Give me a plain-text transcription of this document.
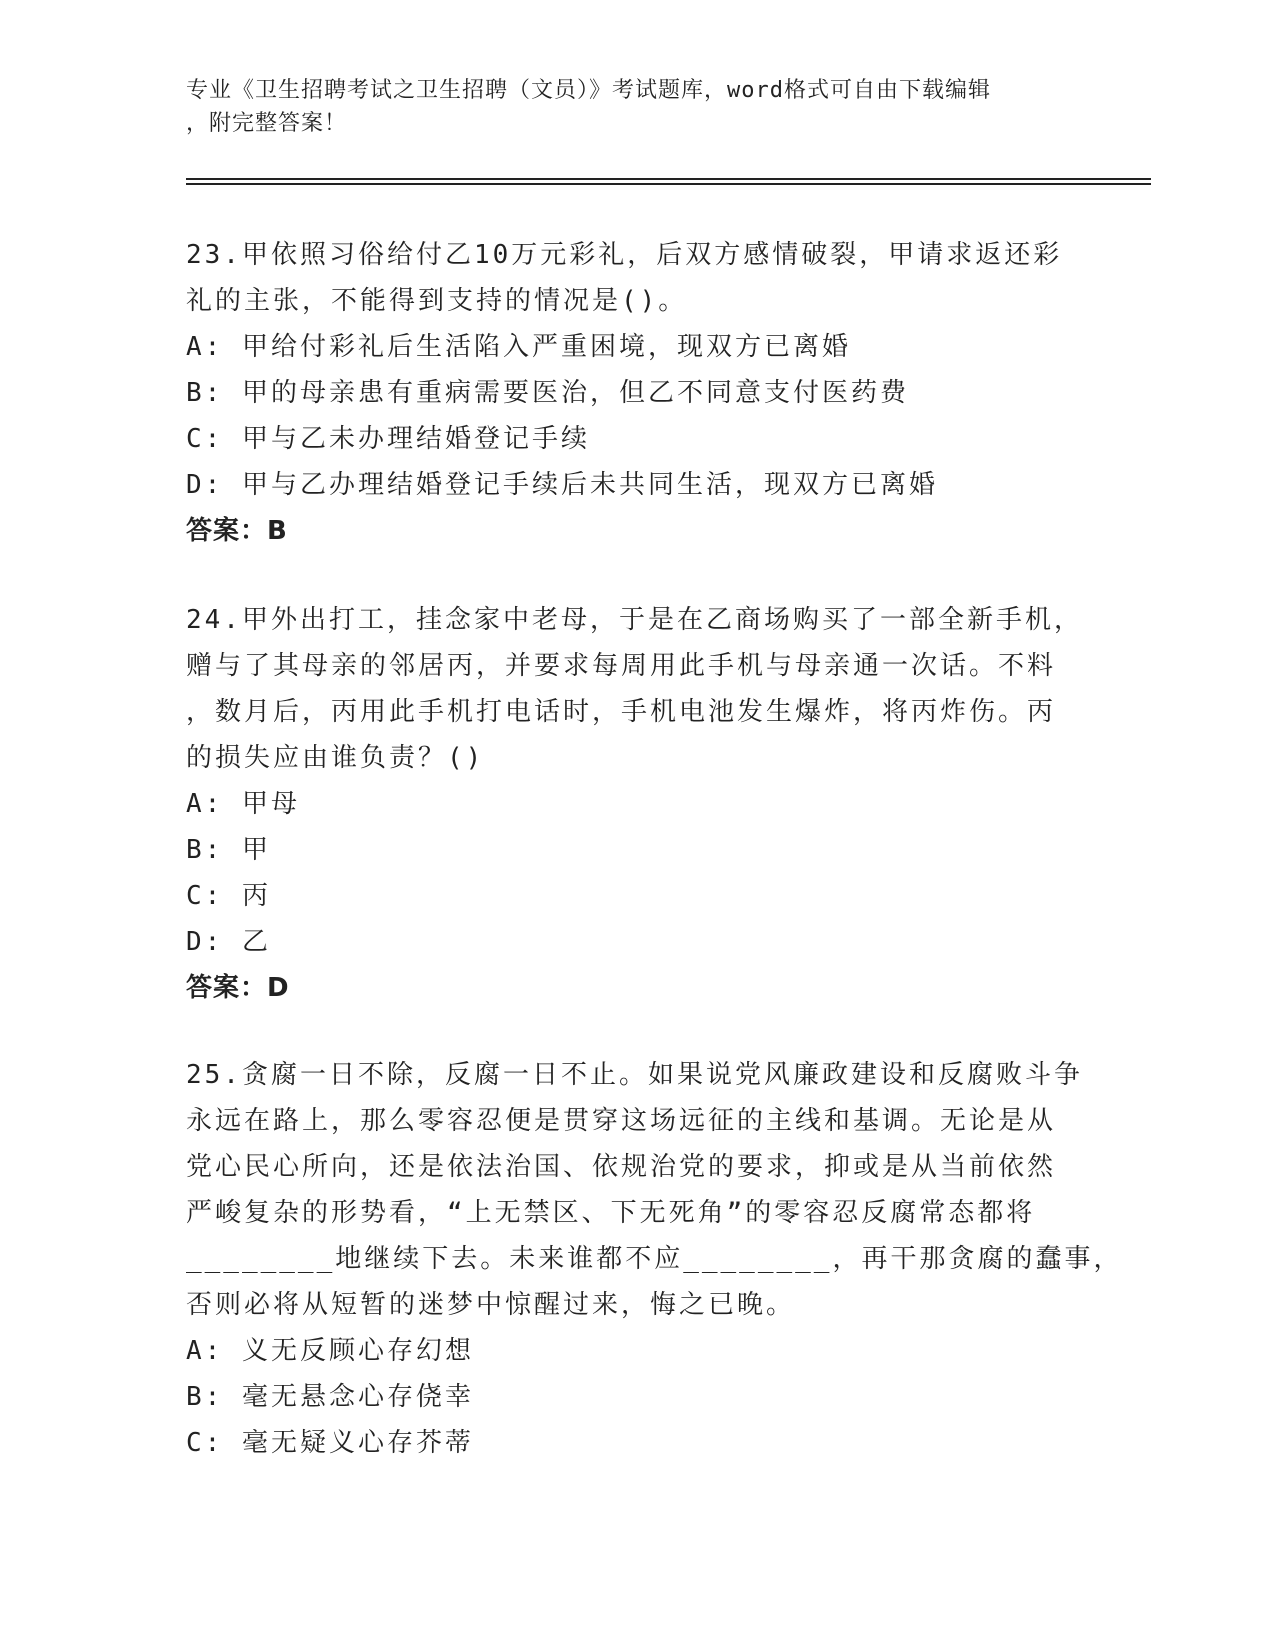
专业《卫生招聘考试之卫生招聘（文员）》考试题库，word格式可自由下载编辑
，附完整答案！
23.甲依照习俗给付乙10万元彩礼，后双方感情破裂，甲请求返还彩
礼的主张，不能得到支持的情况是()。
A: 甲给付彩礼后生活陷入严重困境，现双方已离婚
B: 甲的母亲患有重病需要医治，但乙不同意支付医药费
C: 甲与乙未办理结婚登记手续
D: 甲与乙办理结婚登记手续后未共同生活，现双方已离婚
答案：B
24.甲外出打工，挂念家中老母，于是在乙商场购买了一部全新手机，
赠与了其母亲的邻居丙，并要求每周用此手机与母亲通一次话。不料
，数月后，丙用此手机打电话时，手机电池发生爆炸，将丙炸伤。丙
的损失应由谁负责？()
A: 甲母
B: 甲
C: 丙
D: 乙
答案：D
25.贪腐一日不除，反腐一日不止。如果说党风廉政建设和反腐败斗争
永远在路上，那么零容忍便是贯穿这场远征的主线和基调。无论是从
党心民心所向，还是依法治国、依规治党的要求，抑或是从当前依然
严峻复杂的形势看，“上无禁区、下无死角”的零容忍反腐常态都将
________地继续下去。未来谁都不应________，再干那贪腐的蠢事，
否则必将从短暂的迷梦中惊醒过来，悔之已晚。
A: 义无反顾心存幻想
B: 毫无悬念心存侥幸
C: 毫无疑义心存芥蒂
